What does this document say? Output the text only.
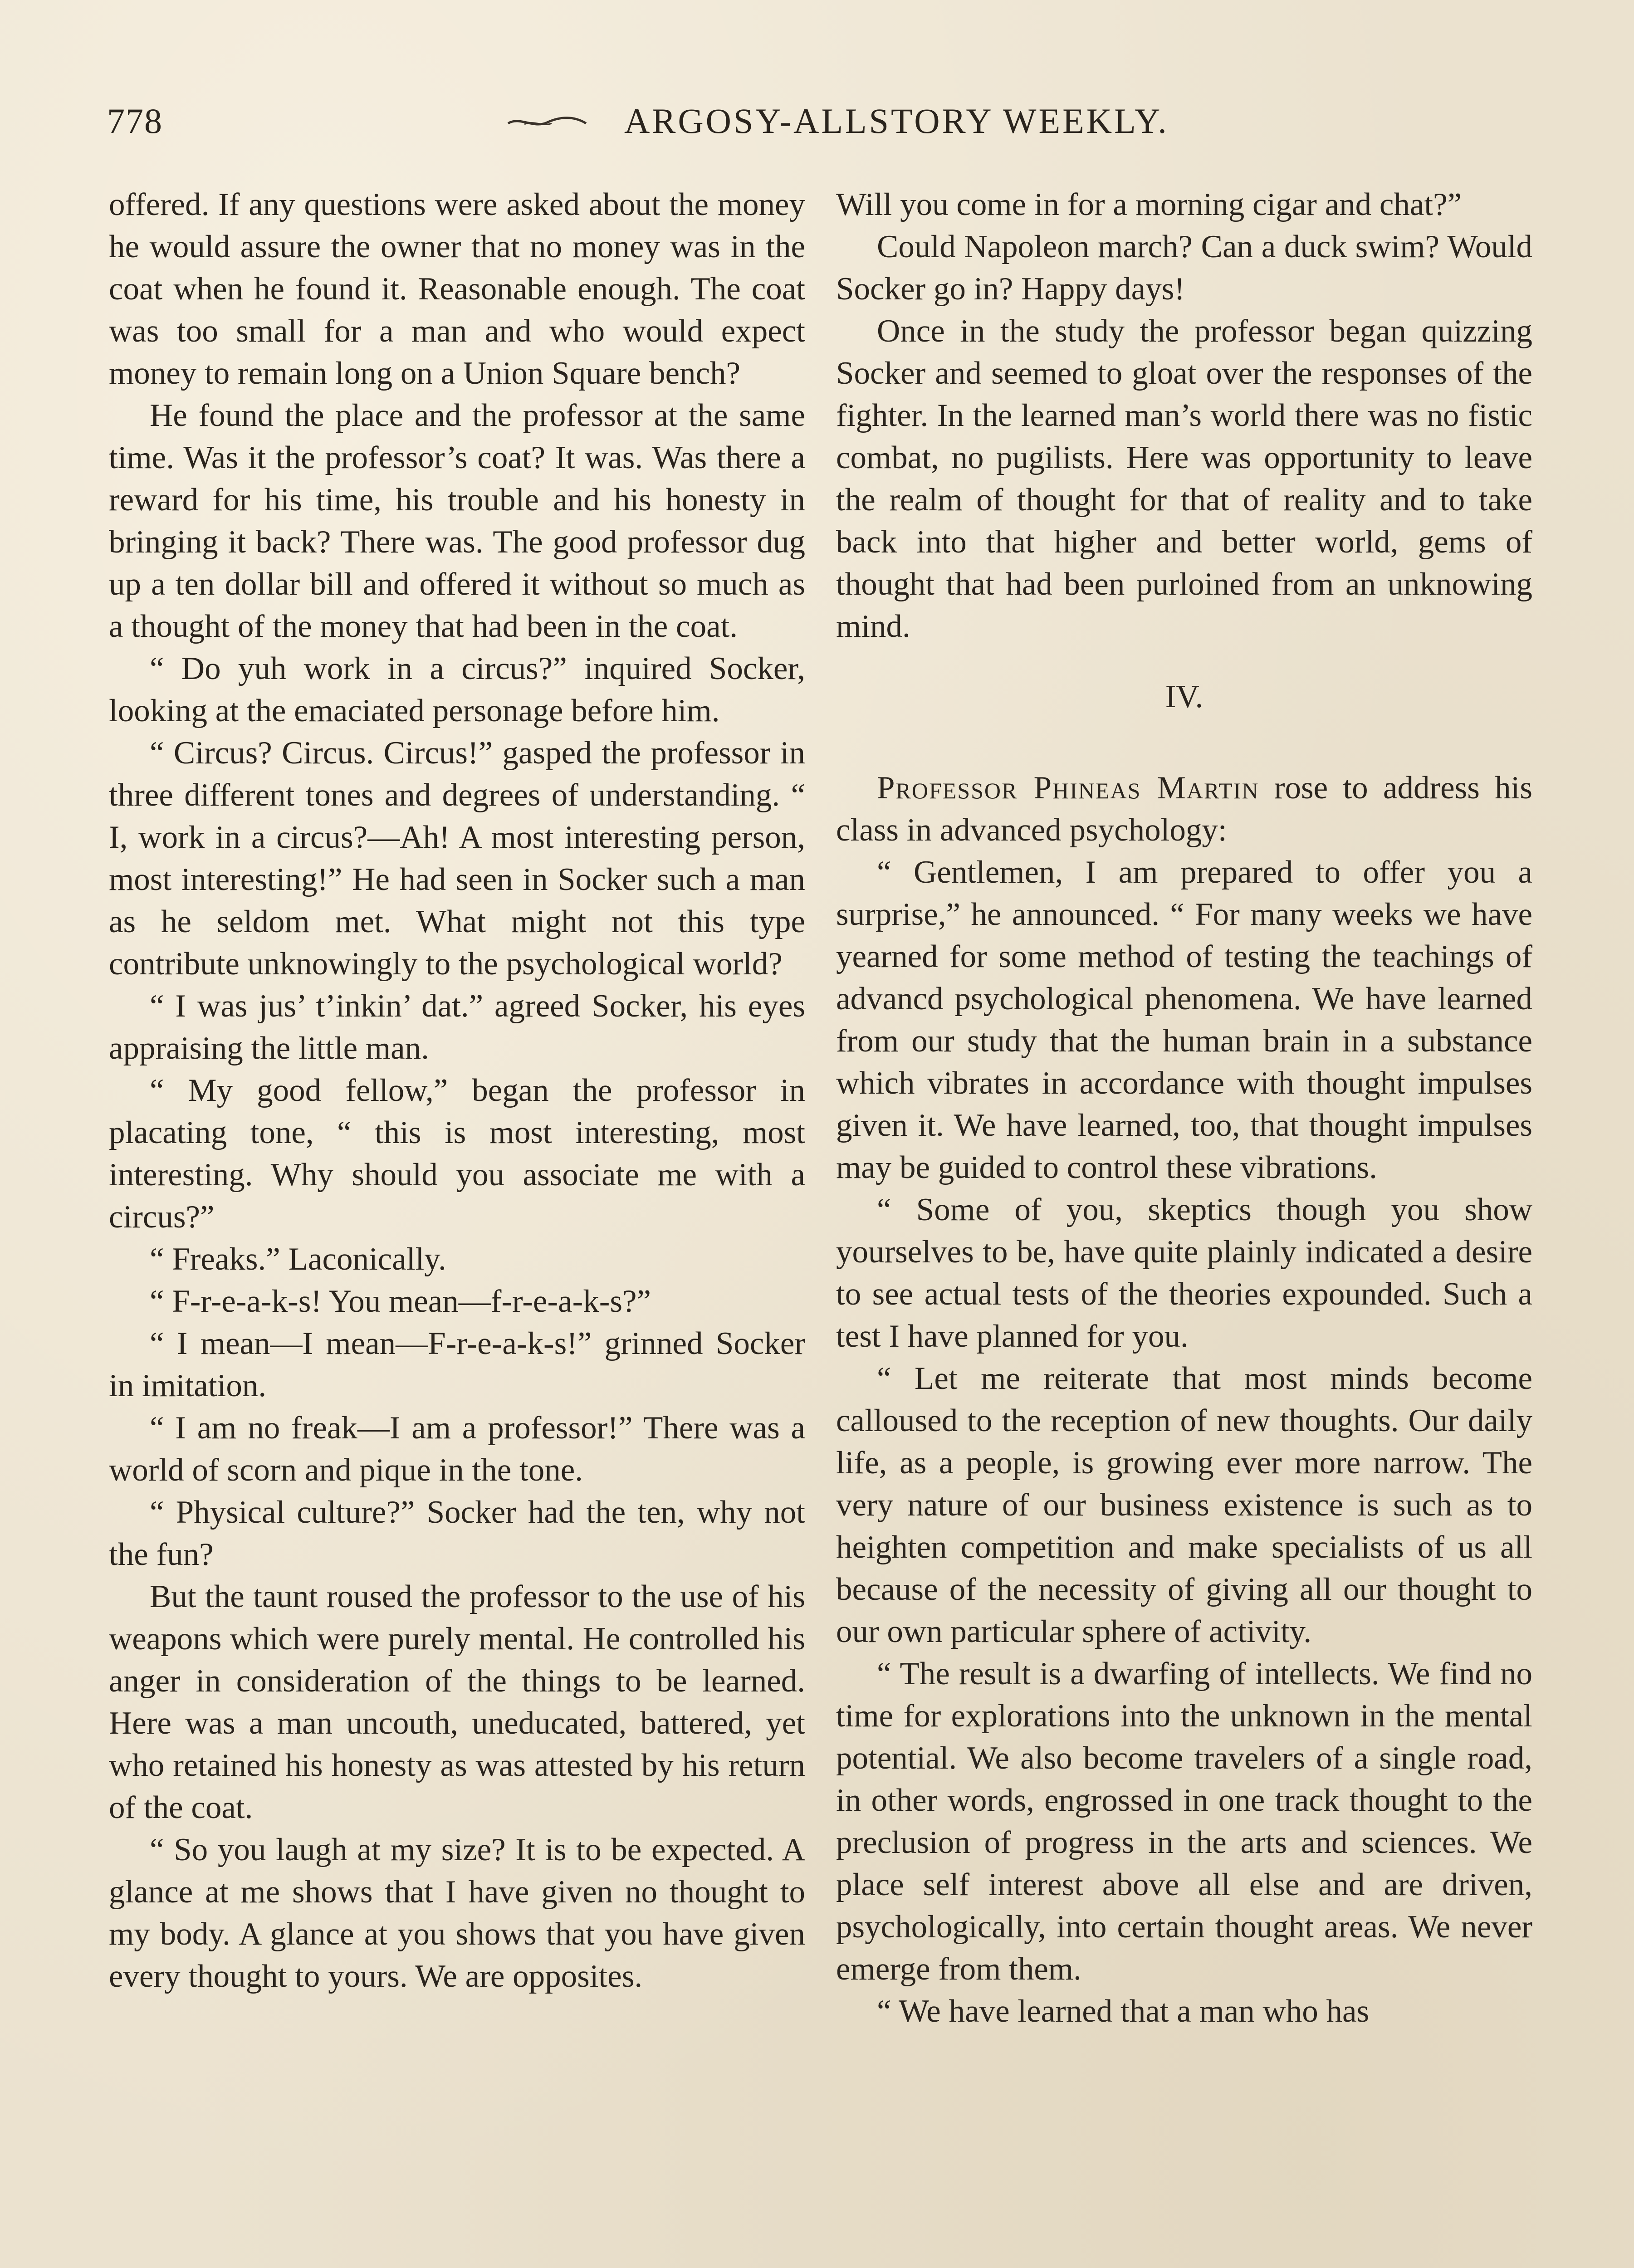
778	ARGOSY-ALLSTORY WEEKLY.

offered. If any questions were asked about the money he would assure the owner that no money was in the coat when he found it. Reasonable enough. The coat was too small for a man and who would expect money to remain long on a Union Square bench?

He found the place and the professor at the same time. Was it the professor’s coat? It was. Was there a reward for his time, his trouble and his honesty in bringing it back? There was. The good professor dug up a ten dollar bill and offered it without so much as a thought of the money that had been in the coat.

“ Do yuh work in a circus?” inquired Socker, looking at the emaciated personage before him.

“ Circus? Circus. Circus!” gasped the professor in three different tones and degrees of understanding. “ I, work in a circus?—Ah! A most interesting person, most interesting!” He had seen in Socker such a man as he seldom met. What might not this type contribute unknowingly to the psychological world?

“ I was jus’ t’inkin’ dat.” agreed Socker, his eyes appraising the little man.

“ My good fellow,” began the professor in placating tone, “ this is most interesting, most interesting. Why should you associate me with a circus?”

“ Freaks.” Laconically.

“ F-r-e-a-k-s! You mean—f-r-e-a-k-s?”

“ I mean—I mean—F-r-e-a-k-s!” grinned Socker in imitation.

“ I am no freak—I am a professor!” There was a world of scorn and pique in the tone.

“ Physical culture?” Socker had the ten, why not the fun?

But the taunt roused the professor to the use of his weapons which were purely mental. He controlled his anger in consideration of the things to be learned. Here was a man uncouth, uneducated, battered, yet who retained his honesty as was attested by his return of the coat.

“ So you laugh at my size? It is to be expected. A glance at me shows that I have given no thought to my body. A glance at you shows that you have given every thought to yours. We are opposites.

Will you come in for a morning cigar and chat?”

Could Napoleon march? Can a duck swim? Would Socker go in? Happy days!

Once in the study the professor began quizzing Socker and seemed to gloat over the responses of the fighter. In the learned man’s world there was no fistic combat, no pugilists. Here was opportunity to leave the realm of thought for that of reality and to take back into that higher and better world, gems of thought that had been purloined from an unknowing mind.

IV.

Professor Phineas Martin rose to address his class in advanced psychology:

“ Gentlemen, I am prepared to offer you a surprise,” he announced. “ For many weeks we have yearned for some method of testing the teachings of advancd psychological phenomena. We have learned from our study that the human brain in a substance which vibrates in accordance with thought impulses given it. We have learned, too, that thought impulses may be guided to control these vibrations.

“ Some of you, skeptics though you show yourselves to be, have quite plainly indicated a desire to see actual tests of the theories expounded. Such a test I have planned for you.

“ Let me reiterate that most minds become calloused to the reception of new thoughts. Our daily life, as a people, is growing ever more narrow. The very nature of our business existence is such as to heighten competition and make specialists of us all because of the necessity of giving all our thought to our own particular sphere of activity.

“ The result is a dwarfing of intellects. We find no time for explorations into the unknown in the mental potential. We also become travelers of a single road, in other words, engrossed in one track thought to the preclusion of progress in the arts and sciences. We place self interest above all else and are driven, psychologically, into certain thought areas. We never emerge from them.

“ We have learned that a man who has
